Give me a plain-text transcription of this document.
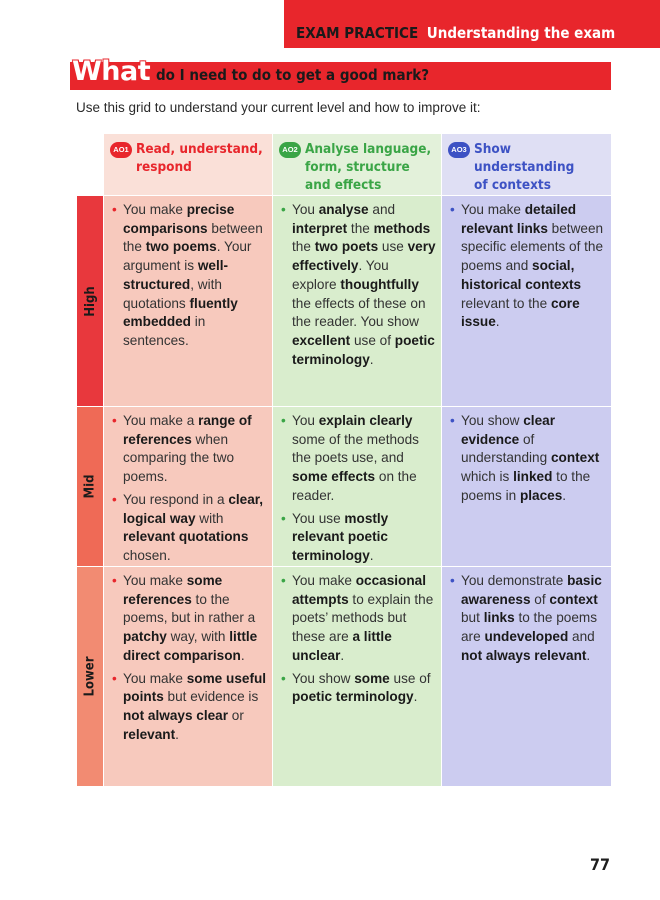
EXAM PRACTICE Understanding the exam
What do I need to do to get a good mark?
Use this grid to understand your current level and how to improve it:
AO1 Read, understand,
respond
AO2 Analyse language,
form, structure
and effects
AO3 Show understanding
of contexts
High
Mid
Lower
• You make precise comparisons between the two poems. Your argument is well-structured, with quotations fluently embedded in sentences.
• You analyse and interpret the methods the two poets use very effectively. You explore thoughtfully the effects of these on the reader. You show excellent use of poetic terminology.
• You make detailed relevant links between specific elements of the poems and social, historical contexts relevant to the core issue.
• You make a range of references when comparing the two poems.
• You respond in a clear, logical way with relevant quotations chosen.
• You explain clearly some of the methods the poets use, and some effects on the reader.
• You use mostly relevant poetic terminology.
• You show clear evidence of understanding context which is linked to the poems in places.
• You make some references to the poems, but in rather a patchy way, with little direct comparison.
• You make some useful points but evidence is not always clear or relevant.
• You make occasional attempts to explain the poets’ methods but these are a little unclear.
• You show some use of poetic terminology.
• You demonstrate basic awareness of context but links to the poems are undeveloped and not always relevant.
77
